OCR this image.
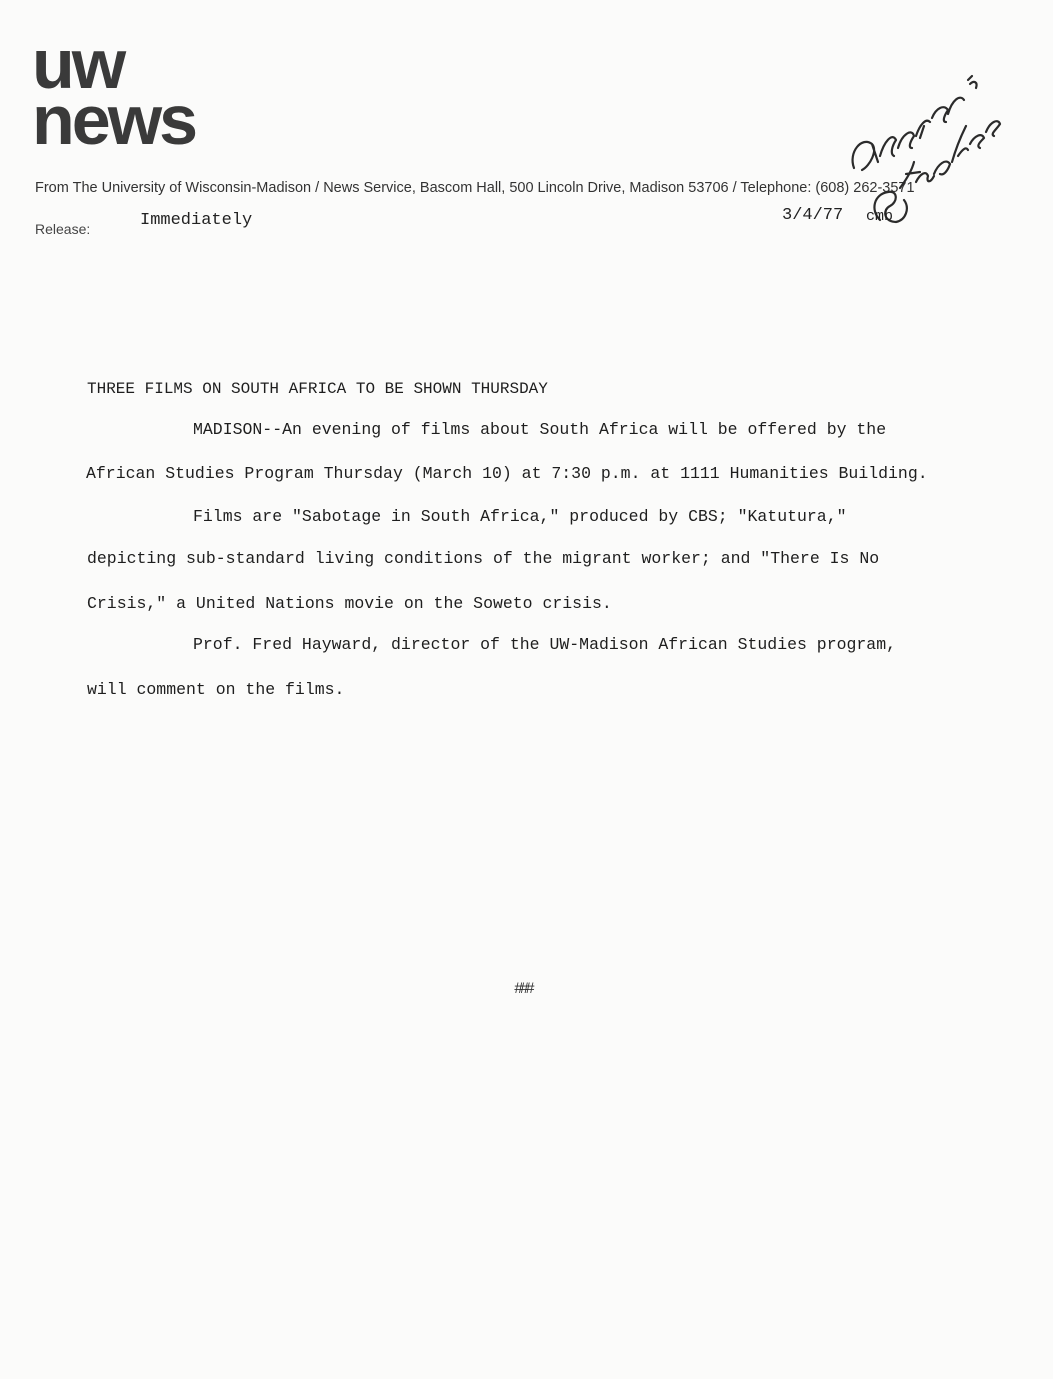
uw
news
From The University of Wisconsin-Madison / News Service, Bascom Hall, 500 Lincoln Drive, Madison 53706 / Telephone: (608) 262-3571
Release:	Immediately	3/4/77 cmb
THREE FILMS ON SOUTH AFRICA TO BE SHOWN THURSDAY
MADISON--An evening of films about South Africa will be offered by the
African Studies Program Thursday (March 10) at 7:30 p.m. at 1111 Humanities Building.
Films are "Sabotage in South Africa," produced by CBS; "Katutura,"
depicting sub-standard living conditions of the migrant worker; and "There Is No
Crisis," a United Nations movie on the Soweto crisis.
Prof. Fred Hayward, director of the UW-Madison African Studies program,
will comment on the films.
###
